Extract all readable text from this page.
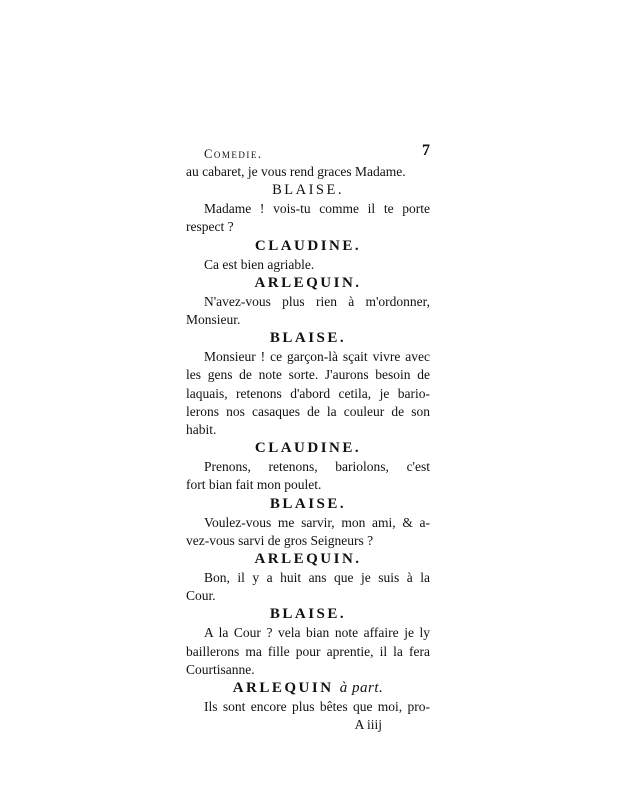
Comedie.	7
au cabaret, je vous rend graces Madame.
BLAISE.
Madame ! vois-tu comme il te porte
respect ?
CLAUDINE.
Ca est bien agriable.
ARLEQUIN.
N'avez-vous plus rien à m'ordonner,
Monsieur.
BLAISE.
Monsieur ! ce garçon-là sçait vivre avec
les gens de note sorte. J'aurons besoin de
laquais, retenons d'abord cetila, je bario-
lerons nos casaques de la couleur de son
habit.
CLAUDINE.
Prenons, retenons, bariolons, c'est
fort bian fait mon poulet.
BLAISE.
Voulez-vous me sarvir, mon ami, & a-
vez-vous sarvi de gros Seigneurs ?
ARLEQUIN.
Bon, il y a huit ans que je suis à la
Cour.
BLAISE.
A la Cour ? vela bian note affaire je ly
baillerons ma fille pour aprentie, il la fera
Courtisanne.
ARLEQUIN à part.
Ils sont encore plus bêtes que moi, pro-
A iiij
